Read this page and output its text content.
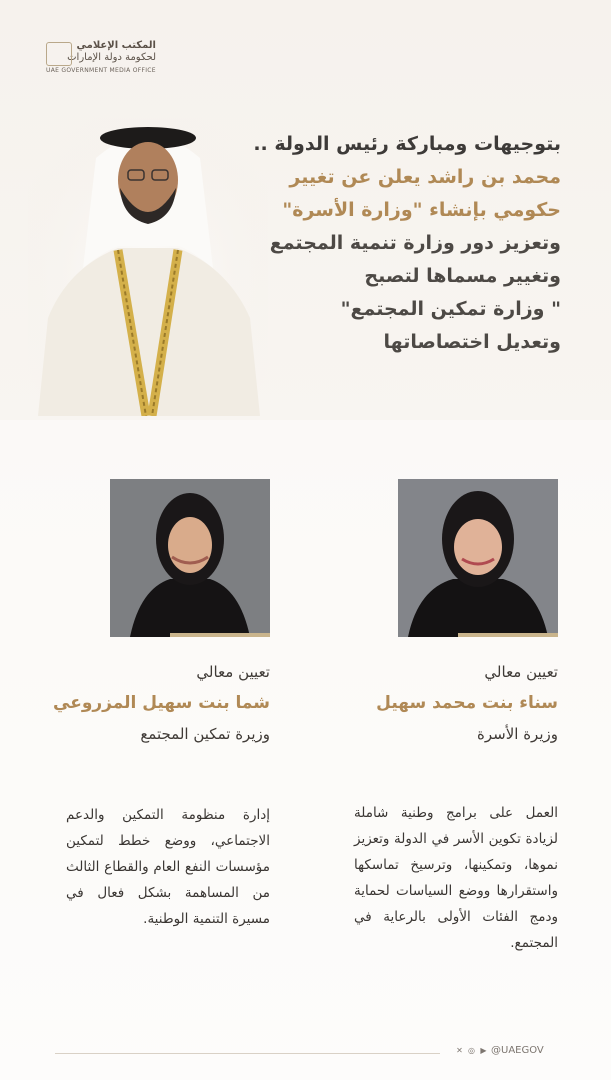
المكتب الإعلامي
لحكومة دولة الإمارات
UAE GOVERNMENT MEDIA OFFICE
بتوجيهات ومباركة رئيس الدولة ..
محمد بن راشد يعلن عن تغيير
حكومي بإنشاء "وزارة الأسرة"
وتعزيز دور وزارة تنمية المجتمع
وتغيير مسماها لتصبح
" وزارة تمكين المجتمع"
وتعديل اختصاصاتها
تعيين معالي
شما بنت سهيل المزروعي
وزيرة تمكين المجتمع
تعيين معالي
سناء بنت محمد سهيل
وزيرة الأسرة
إدارة منظومة التمكين والدعم الاجتماعي، ووضع خطط لتمكين مؤسسات النفع العام والقطاع الثالث من المساهمة بشكل فعال في مسيرة التنمية الوطنية.
العمل على برامج وطنية شاملة لزيادة تكوين الأسر في الدولة وتعزيز نموها، وتمكينها، وترسيخ تماسكها واستقرارها ووضع السياسات لحماية ودمج الفئات الأولى بالرعاية في المجتمع.
✕ ◎ ▶ @UAEGOV
